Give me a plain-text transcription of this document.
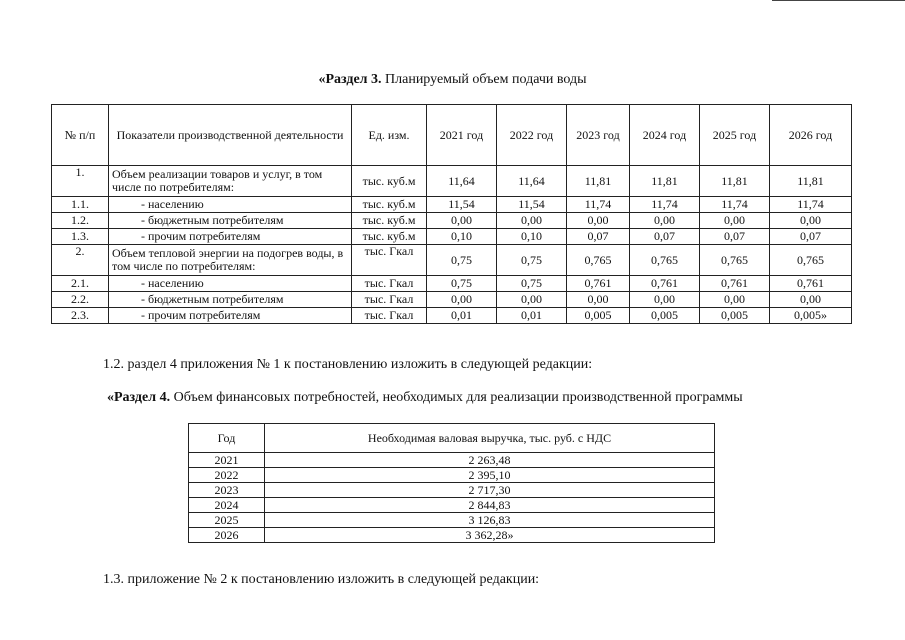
«Раздел 3. Планируемый объем подачи воды
№ п/п	Показатели производственной деятельности	Ед. изм.	2021 год	2022 год	2023 год	2024 год	2025 год	2026 год
1.	Объем реализации товаров и услуг, в том числе по потребителям:	тыс. куб.м	11,64	11,64	11,81	11,81	11,81	11,81
1.1.	- населению	тыс. куб.м	11,54	11,54	11,74	11,74	11,74	11,74
1.2.	- бюджетным потребителям	тыс. куб.м	0,00	0,00	0,00	0,00	0,00	0,00
1.3.	- прочим потребителям	тыс. куб.м	0,10	0,10	0,07	0,07	0,07	0,07
2.	Объем тепловой энергии на подогрев воды, в том числе по потребителям:	тыс. Гкал	0,75	0,75	0,765	0,765	0,765	0,765
2.1.	- населению	тыс. Гкал	0,75	0,75	0,761	0,761	0,761	0,761
2.2.	- бюджетным потребителям	тыс. Гкал	0,00	0,00	0,00	0,00	0,00	0,00
2.3.	- прочим потребителям	тыс. Гкал	0,01	0,01	0,005	0,005	0,005	0,005»
1.2. раздел 4 приложения № 1 к постановлению изложить в следующей редакции:
«Раздел 4. Объем финансовых потребностей, необходимых для реализации производственной программы
Год	Необходимая валовая выручка, тыс. руб. с НДС
2021	2 263,48
2022	2 395,10
2023	2 717,30
2024	2 844,83
2025	3 126,83
2026	3 362,28»
1.3. приложение № 2 к постановлению изложить в следующей редакции:
